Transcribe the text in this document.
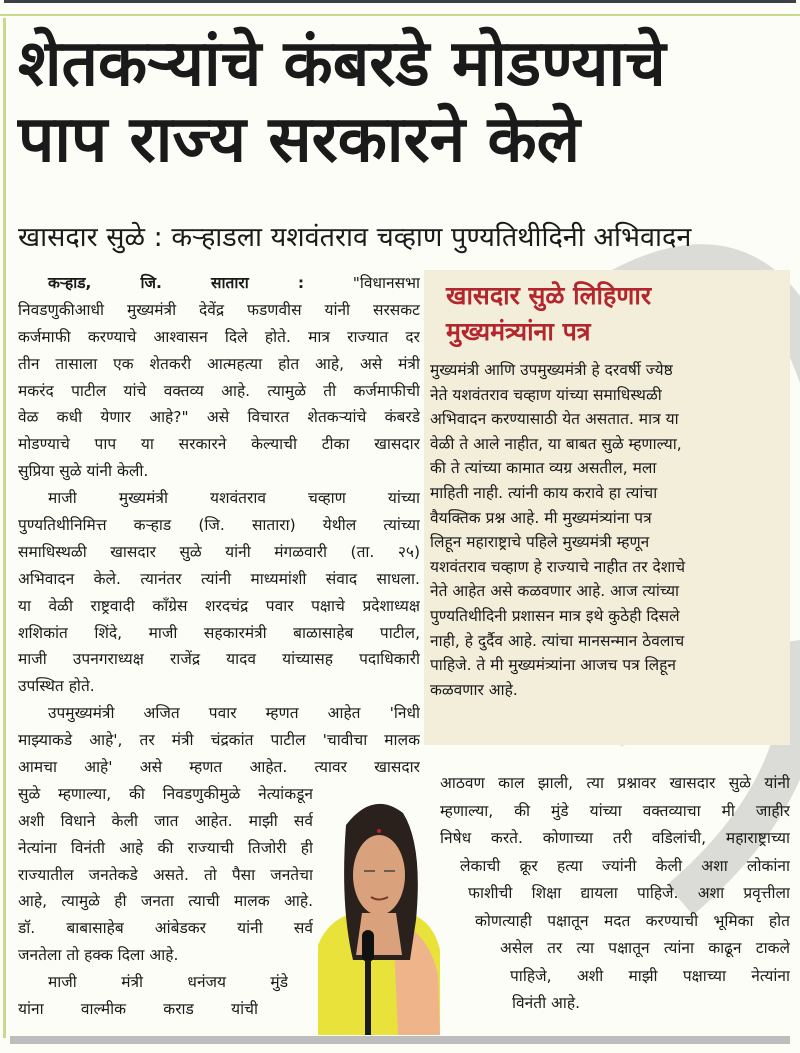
शेतकऱ्यांचे कंबरडे मोडण्याचे
पाप राज्य सरकारने केले
खासदार सुळे : कऱ्हाडला यशवंतराव चव्हाण पुण्यतिथीदिनी अभिवादन
कऱ्हाड, जि. सातारा :	"विधानसभा
निवडणुकीआधी मुख्यमंत्री देवेंद्र फडणवीस यांनी सरसकट
कर्जमाफी करण्याचे आश्वासन दिले होते. मात्र राज्यात दर
तीन तासाला एक शेतकरी आत्महत्या होत आहे, असे मंत्री
मकरंद पाटील यांचे वक्तव्य आहे. त्यामुळे ती कर्जमाफीची
वेळ कधी येणार आहे?" असे विचारत शेतकऱ्यांचे कंबरडे
मोडण्याचे पाप या सरकारने केल्याची टीका खासदार
सुप्रिया सुळे यांनी केली.
माजी मुख्यमंत्री यशवंतराव चव्हाण यांच्या
पुण्यतिथीनिमित्त कऱ्हाड (जि. सातारा) येथील त्यांच्या
समाधिस्थळी खासदार सुळे यांनी मंगळवारी (ता. २५)
अभिवादन केले. त्यानंतर त्यांनी माध्यमांशी संवाद साधला.
या वेळी राष्ट्रवादी काँग्रेस शरदचंद्र पवार पक्षाचे प्रदेशाध्यक्ष
शशिकांत शिंदे, माजी सहकारमंत्री बाळासाहेब पाटील,
माजी उपनगराध्यक्ष राजेंद्र यादव यांच्यासह पदाधिकारी
उपस्थित होते.
उपमुख्यमंत्री अजित पवार म्हणत आहेत 'निधी
माझ्याकडे आहे', तर मंत्री चंद्रकांत पाटील 'चावीचा मालक
आमचा आहे' असे म्हणत आहेत. त्यावर खासदार
सुळे म्हणाल्या, की निवडणुकीमुळे नेत्यांकडून
अशी विधाने केली जात आहेत. माझी सर्व
नेत्यांना विनंती आहे की राज्याची तिजोरी ही
राज्यातील जनतेकडे असते. तो पैसा जनतेचा
आहे, त्यामुळे ही जनता त्याची मालक आहे.
डॉ. बाबासाहेब आंबेडकर यांनी सर्व
जनतेला तो हक्क दिला आहे.
माजी मंत्री धनंजय मुंडे
यांना वाल्मीक कराड यांची
खासदार सुळे लिहिणार
मुख्यमंत्र्यांना पत्र
मुख्यमंत्री आणि उपमुख्यमंत्री हे दरवर्षी ज्येष्ठ
नेते यशवंतराव चव्हाण यांच्या समाधिस्थळी
अभिवादन करण्यासाठी येत असतात. मात्र या
वेळी ते आले नाहीत, या बाबत सुळे म्हणाल्या,
की ते त्यांच्या कामात व्यग्र असतील, मला
माहिती नाही. त्यांनी काय करावे हा त्यांचा
वैयक्तिक प्रश्न आहे. मी मुख्यमंत्र्यांना पत्र
लिहून महाराष्ट्राचे पहिले मुख्यमंत्री म्हणून
यशवंतराव चव्हाण हे राज्याचे नाहीत तर देशाचे
नेते आहेत असे कळवणार आहे. आज त्यांच्या
पुण्यतिथीदिनी प्रशासन मात्र इथे कुठेही दिसले
नाही, हे दुर्दैव आहे. त्यांचा मानसन्मान ठेवलाच
पाहिजे. ते मी मुख्यमंत्र्यांना आजच पत्र लिहून
कळवणार आहे.
आठवण काल झाली, त्या प्रश्नावर खासदार सुळे यांनी
म्हणाल्या, की मुंडे यांच्या वक्तव्याचा मी जाहीर
निषेध करते. कोणाच्या तरी वडिलांची, महाराष्ट्राच्या
लेकाची क्रूर हत्या ज्यांनी केली अशा लोकांना
फाशीची शिक्षा द्यायला पाहिजे. अशा प्रवृत्तीला
कोणत्याही पक्षातून मदत करण्याची भूमिका होत
असेल तर त्या पक्षातून त्यांना काढून टाकले
पाहिजे, अशी माझी पक्षाच्या नेत्यांना
विनंती आहे.
